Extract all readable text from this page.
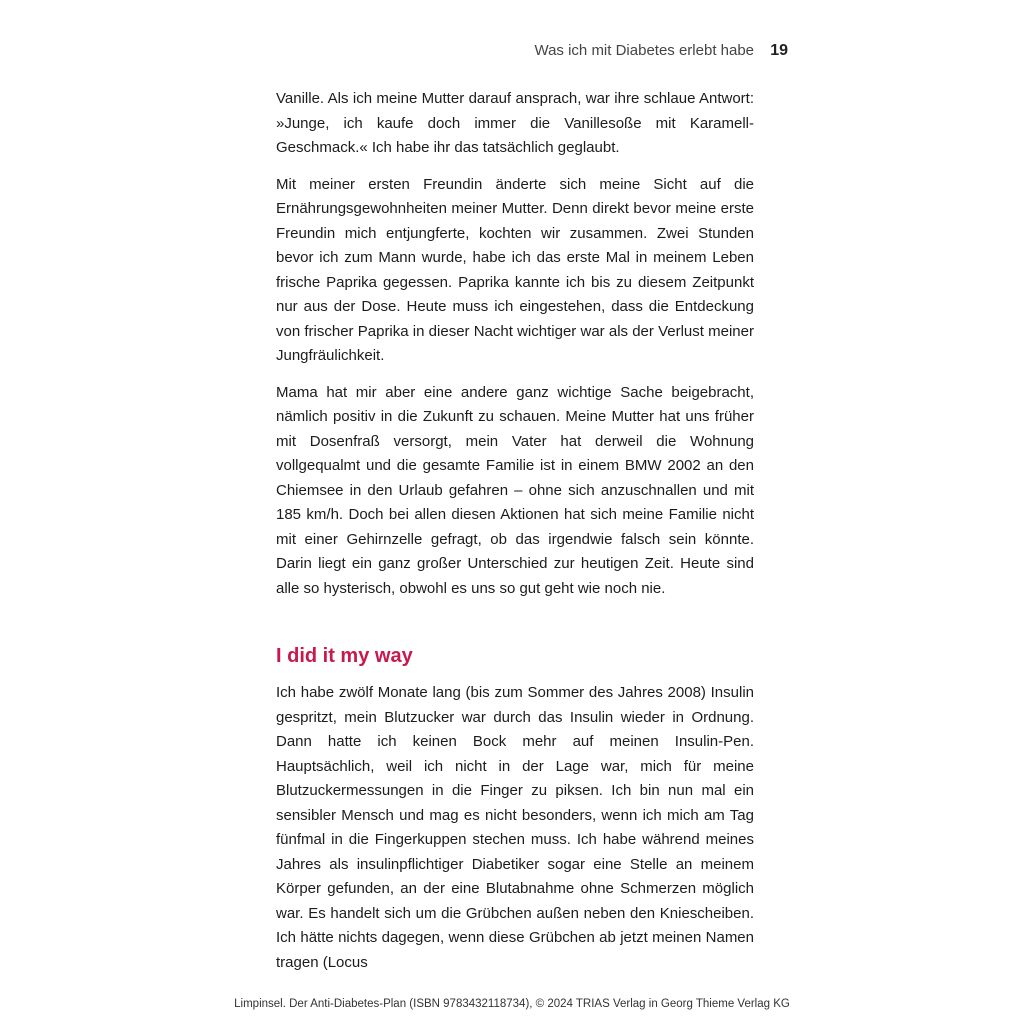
Was ich mit Diabetes erlebt habe 19

Vanille. Als ich meine Mutter darauf ansprach, war ihre schlaue Antwort: »Junge, ich kaufe doch immer die Vanillesoße mit Karamell-Geschmack.« Ich habe ihr das tatsächlich geglaubt.

Mit meiner ersten Freundin änderte sich meine Sicht auf die Ernährungsgewohnheiten meiner Mutter. Denn direkt bevor meine erste Freundin mich entjungferte, kochten wir zusammen. Zwei Stunden bevor ich zum Mann wurde, habe ich das erste Mal in meinem Leben frische Paprika gegessen. Paprika kannte ich bis zu diesem Zeitpunkt nur aus der Dose. Heute muss ich eingestehen, dass die Entdeckung von frischer Paprika in dieser Nacht wichtiger war als der Verlust meiner Jungfräulichkeit.

Mama hat mir aber eine andere ganz wichtige Sache beigebracht, nämlich positiv in die Zukunft zu schauen. Meine Mutter hat uns früher mit Dosenfraß versorgt, mein Vater hat derweil die Wohnung vollgequalmt und die gesamte Familie ist in einem BMW 2002 an den Chiemsee in den Urlaub gefahren – ohne sich anzuschnallen und mit 185 km/h. Doch bei allen diesen Aktionen hat sich meine Familie nicht mit einer Gehirnzelle gefragt, ob das irgendwie falsch sein könnte. Darin liegt ein ganz großer Unterschied zur heutigen Zeit. Heute sind alle so hysterisch, obwohl es uns so gut geht wie noch nie.

I did it my way

Ich habe zwölf Monate lang (bis zum Sommer des Jahres 2008) Insulin gespritzt, mein Blutzucker war durch das Insulin wieder in Ordnung. Dann hatte ich keinen Bock mehr auf meinen Insulin-Pen. Hauptsächlich, weil ich nicht in der Lage war, mich für meine Blutzuckermessungen in die Finger zu piksen. Ich bin nun mal ein sensibler Mensch und mag es nicht besonders, wenn ich mich am Tag fünfmal in die Fingerkuppen stechen muss. Ich habe während meines Jahres als insulinpflichtiger Diabetiker sogar eine Stelle an meinem Körper gefunden, an der eine Blutabnahme ohne Schmerzen möglich war. Es handelt sich um die Grübchen außen neben den Kniescheiben. Ich hätte nichts dagegen, wenn diese Grübchen ab jetzt meinen Namen tragen (Locus

Limpinsel. Der Anti-Diabetes-Plan (ISBN 9783432118734), © 2024 TRIAS Verlag in Georg Thieme Verlag KG
